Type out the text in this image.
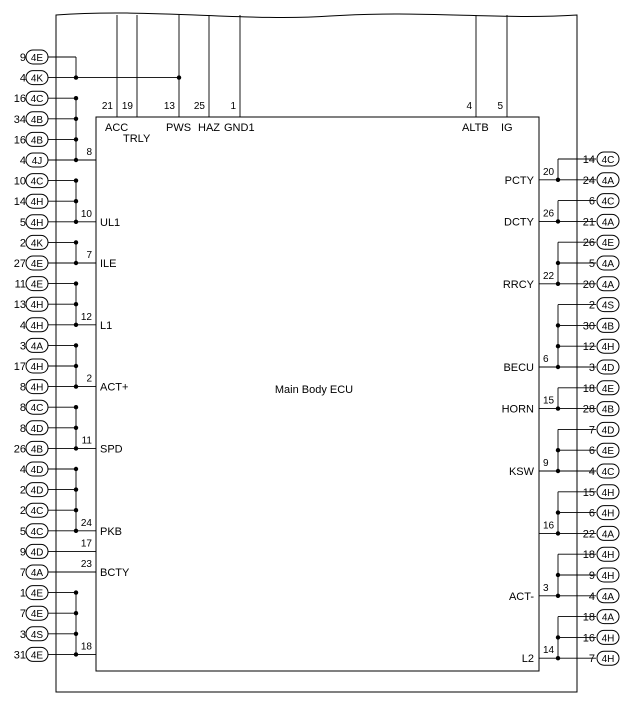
Main Body ECU
9 4E
4 4K
16 4C
34 4B
16 4B
4 4J
10 4C
14 4H
5 4H
2 4K
27 4E
11 4E
13 4H
4 4H
3 4A
17 4H
8 4H
8 4C
8 4D
26 4B
4 4D
2 4D
2 4C
5 4C
9 4D
7 4A
1 4E
7 4E
3 4S
31 4E
8
10
UL1
7
ILE
12
L1
2
ACT+
11
SPD
24
PKB
17
23
BCTY
18
21 19	13 25	1	4	5
ACC
TRLY
PWS HAZ GND1	ALTB IG
14 4C
24 4A
6 4C
21 4A
26 4E
5 4A
20 4A
2 4S
30 4B
12 4H
3 4D
18 4E
28 4B
7 4D
6 4E
4 4C
15 4H
6 4H
22 4A
18 4H
9 4H
4 4A
18 4A
16 4H
7 4H
20
PCTY
26
DCTY
22
RRCY
6
BECU
15
HORN
9
KSW
16
3
ACT-
14
L2
